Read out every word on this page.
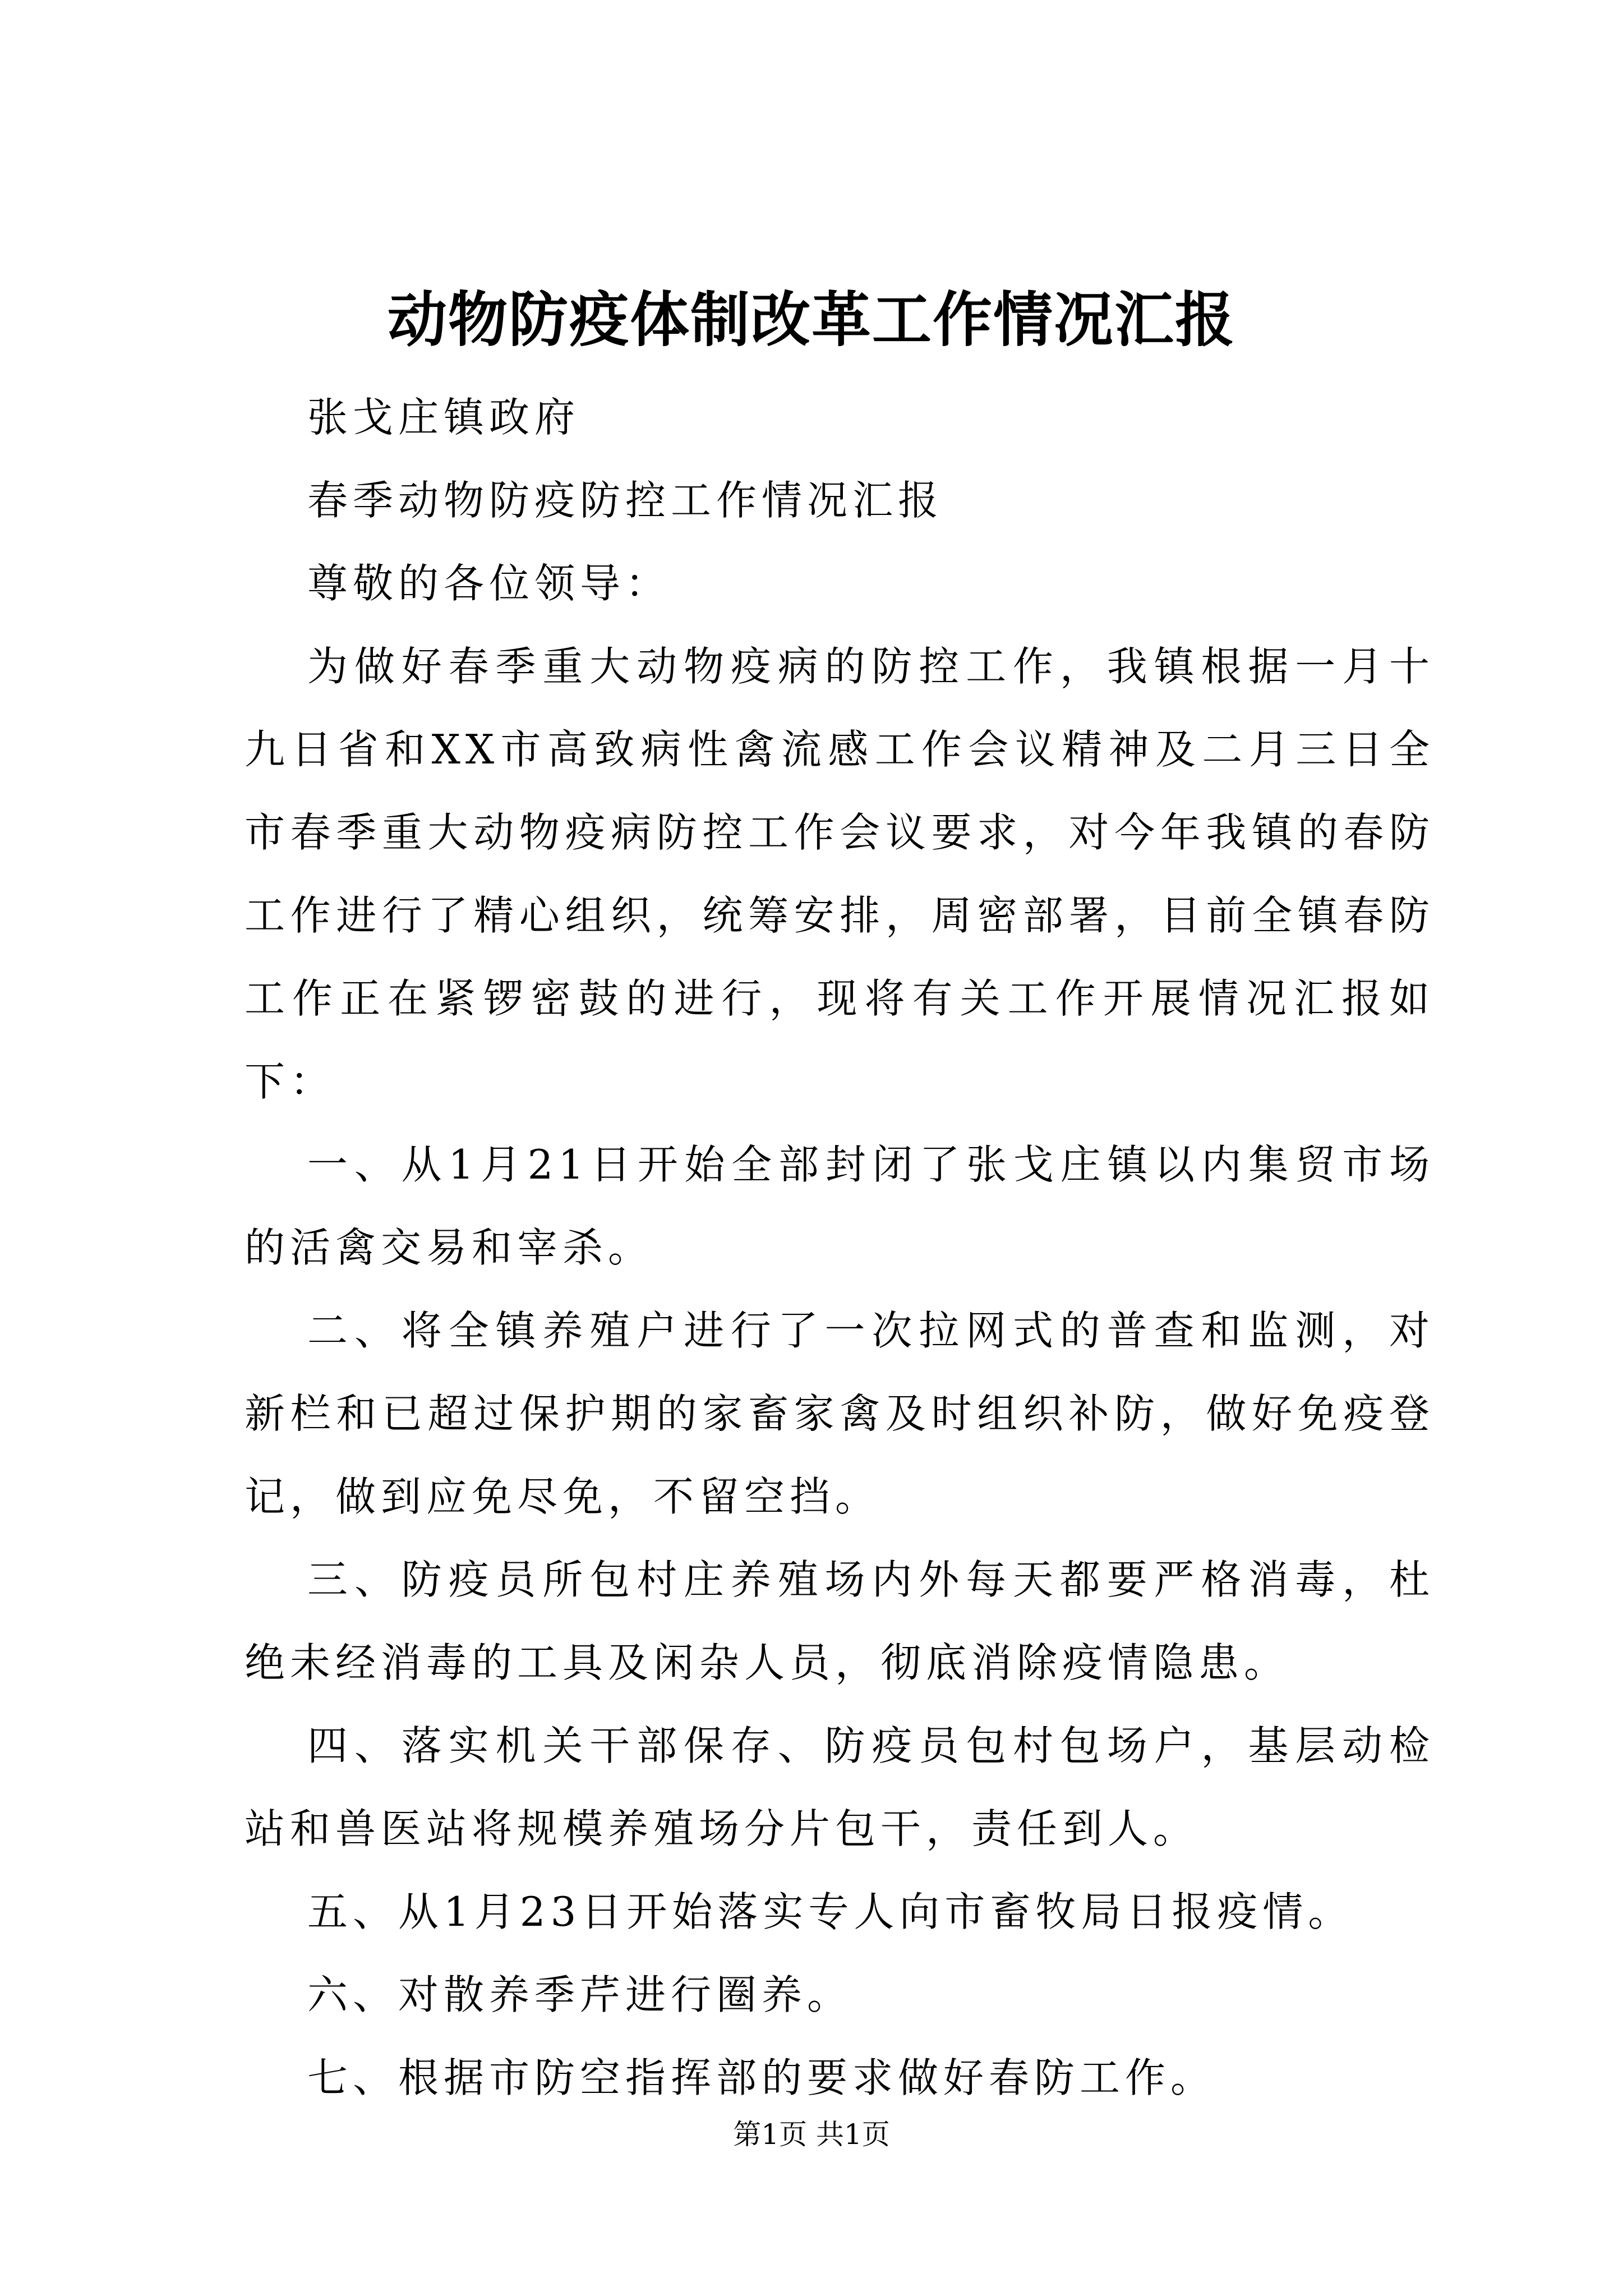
动物防疫体制改革工作情况汇报

张戈庄镇政府

春季动物防疫防控工作情况汇报

尊敬的各位领导：

为做好春季重大动物疫病的防控工作，我镇根据一月十九日省和XX市高致病性禽流感工作会议精神及二月三日全市春季重大动物疫病防控工作会议要求，对今年我镇的春防工作进行了精心组织，统筹安排，周密部署，目前全镇春防工作正在紧锣密鼓的进行，现将有关工作开展情况汇报如下：

一、从1月21日开始全部封闭了张戈庄镇以内集贸市场的活禽交易和宰杀。

二、将全镇养殖户进行了一次拉网式的普查和监测，对新栏和已超过保护期的家畜家禽及时组织补防，做好免疫登记，做到应免尽免，不留空挡。

三、防疫员所包村庄养殖场内外每天都要严格消毒，杜绝未经消毒的工具及闲杂人员，彻底消除疫情隐患。

四、落实机关干部保存、防疫员包村包场户，基层动检站和兽医站将规模养殖场分片包干，责任到人。

五、从1月23日开始落实专人向市畜牧局日报疫情。

六、对散养季芹进行圈养。

七、根据市防空指挥部的要求做好春防工作。

第1页 共1页
